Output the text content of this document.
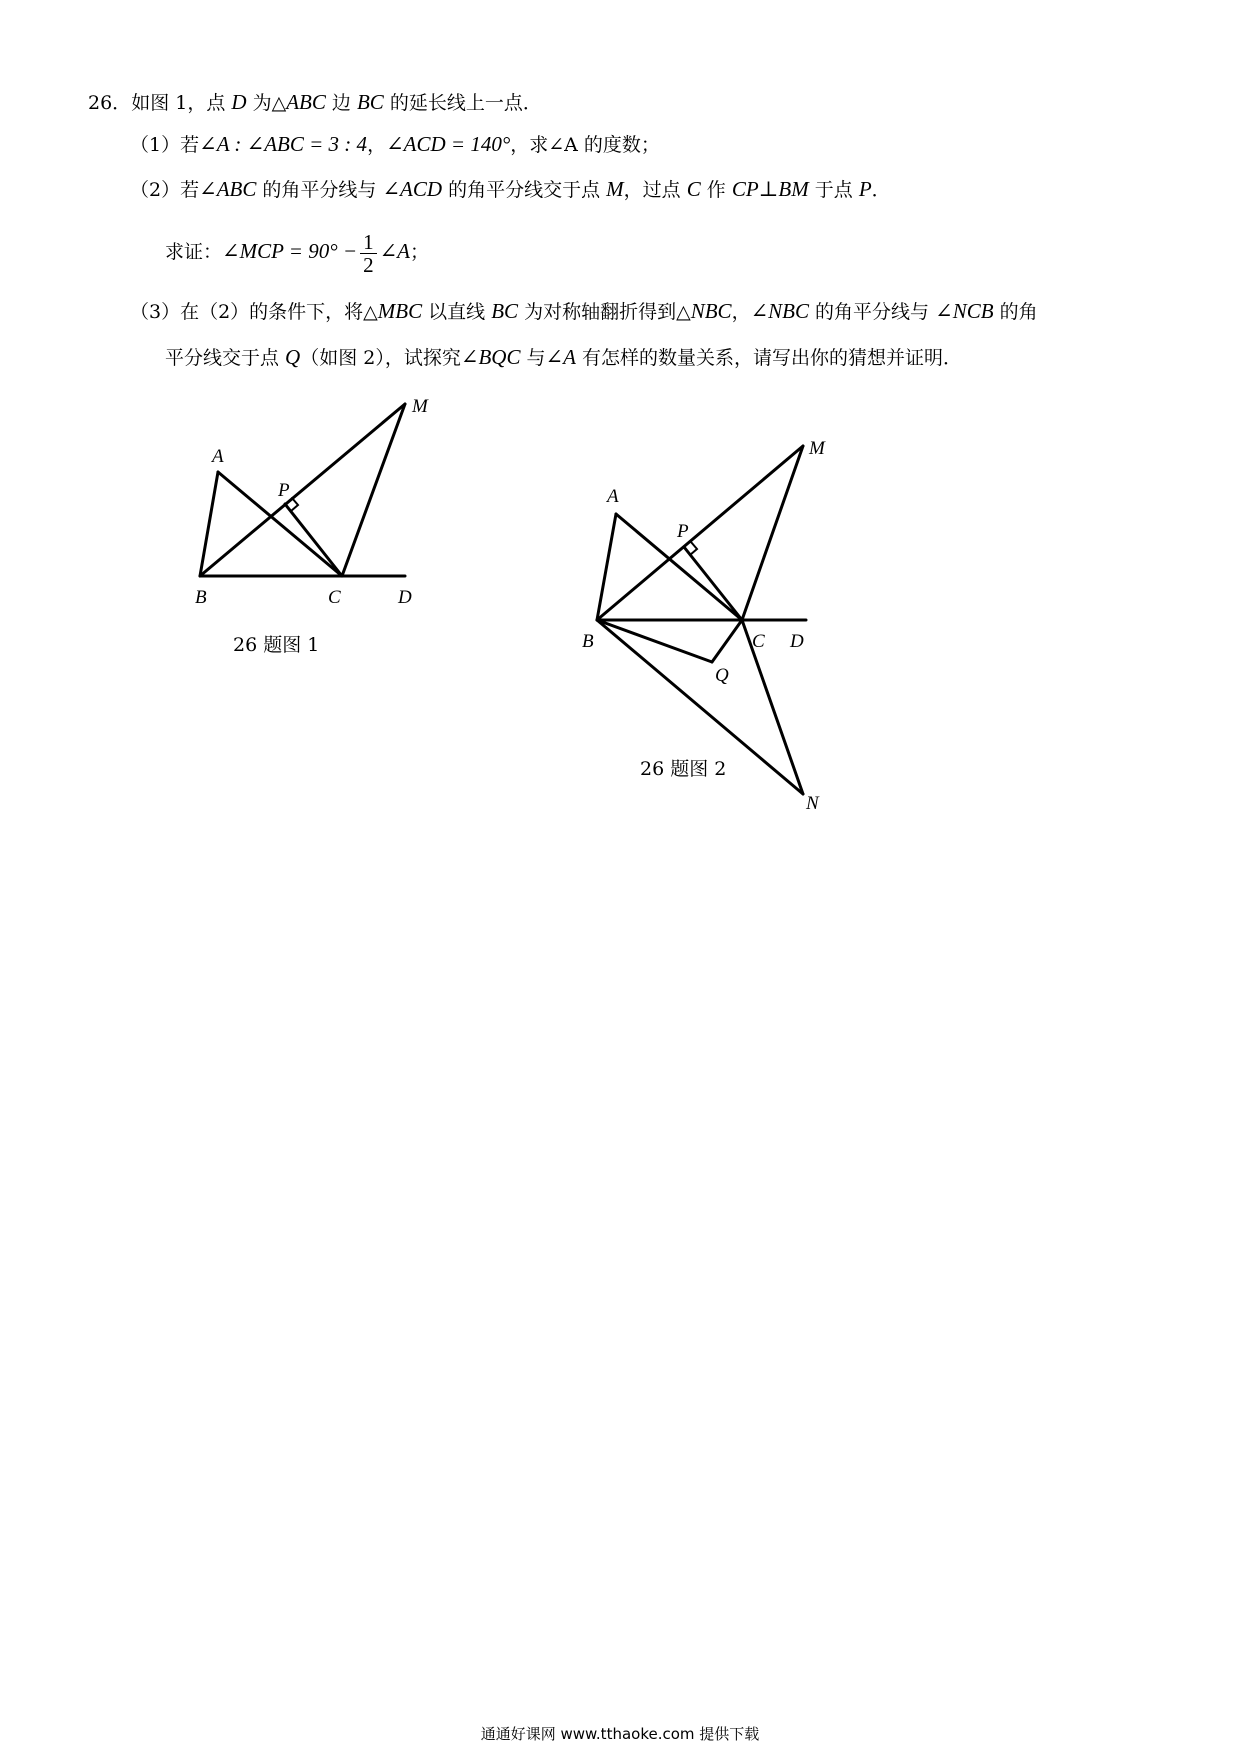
26．如图 1，点 D 为△ABC 边 BC 的延长线上一点．
（1）若∠A : ∠ABC = 3 : 4，∠ACD = 140°，求∠A 的度数；
（2）若∠ABC 的角平分线与 ∠ACD 的角平分线交于点 M，过点 C 作 CP⊥BM 于点 P．
求证：∠MCP = $90^\circ - \frac{1}{2}$ ∠A；
（3）在（2）的条件下，将△MBC 以直线 BC 为对称轴翻折得到△NBC，∠NBC 的角平分线与 ∠NCB 的角
平分线交于点 Q（如图 2），试探究∠BQC 与∠A 有怎样的数量关系，请写出你的猜想并证明．
A
B	C	D
M
P	A
B	C D
M
N
P
Q
26 题图 1
26 题图 2
通通好课网 www.tthaoke.com 提供下载
